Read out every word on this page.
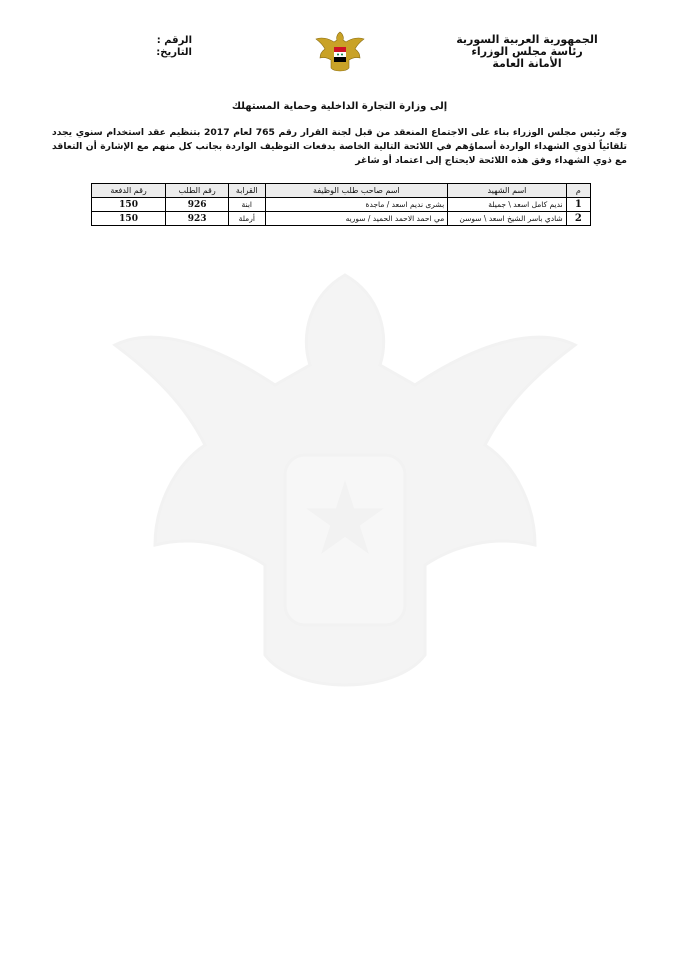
الجمهورية العربية السورية
رئاسة مجلس الوزراء
الأمانة العامة
الرقم :
التاريخ:
إلى وزارة التجارة الداخلية وحماية المستهلك
وجّه رئيس مجلس الوزراء بناء على الاجتماع المنعقد من قبل لجنة القرار رقم 765 لعام 2017 بتنظيم عقد استخدام سنوي يجدد تلقائياً لذوي الشهداء الواردة أسماؤهم في اللائحة التالية الخاصة بدفعات التوظيف الواردة بجانب كل منهم مع الإشارة أن التعاقد مع ذوي الشهداء وفق هذه اللائحة لايحتاج إلى اعتماد أو شاغر
م	اسم الشهيد	اسم صاحب طلب الوظيفة	القرابة	رقم الطلب	رقم الدفعة
1	نديم كامل اسعد \ جميلة	بشرى نديم اسعد / ماجدة	ابنة	926	150
2	شادي باسر الشيخ اسعد \ سوسن	مي احمد الاحمد الحميد / سوريه	أرملة	923	150
